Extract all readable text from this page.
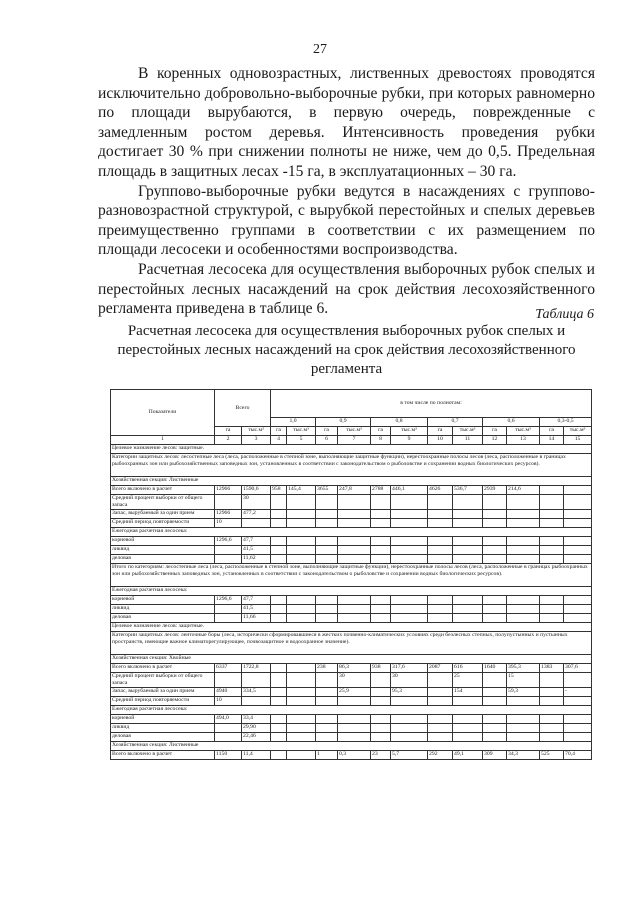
27

В коренных одновозрастных, лиственных древостоях проводятся исключительно добровольно-выборочные рубки, при которых равномерно по площади вырубаются, в первую очередь, поврежденные с замедленным ростом деревья. Интенсивность проведения рубки достигает 30 % при снижении полноты не ниже, чем до 0,5. Предельная площадь в защитных лесах -15 га, в эксплуатационных – 30 га.

Группово-выборочные рубки ведутся в насаждениях с группово-разновозрастной структурой, с вырубкой перестойных и спелых деревьев преимущественно группами в соответствии с их размещением по площади лесосеки и особенностями воспроизводства.

Расчетная лесосека для осуществления выборочных рубок спелых и перестойных лесных насаждений на срок действия лесохозяйственного регламента приведена в таблице 6.	Таблица 6
Расчетная лесосека для осуществления выборочных рубок спелых и
перестойных лесных насаждений на срок действия лесохозяйственного
регламента
Показатели	Всего		в том числе по полнотам:											
			1,0		0,9		0,8		0,7		0,6		0,3-0,5	
	га	тыс.м³	га	тыс.м³	га	тыс.м³	га	тыс.м³	га	тыс.м³	га	тыс.м³	га	тыс.м³
1	2	3	4	5	6	7	8	9	10	11	12	13	14	15
Целевое назначение лесов: защитные.														
Категории защитных лесов: лесостепные леса (леса, расположенные в степной зоне, выполняющие защитные функции), нерестоохранные полосы лесов (леса, расположенные в границах рыбоохранных зон или рыбохозяйственных заповедных зон, установленных в соответствии с законодательством о рыболовстве и сохранении водных биологических ресурсов).														
Хозяйственная секция: Лиственные														
Всего включено в расчет	12966	1590,6	958	145,4	3655	247,8	2788	446,1	4626	536,7	2939	214,6		
Средний процент выборки от общего запаса		30												
Запас, вырубаемый за один прием	12966	477,2												
Средний период повторяемости	10													
Ежегодная расчетная лесосека:														
корневой	1296,6	47,7												
ликвид		41,5												
деловая		11,62												
Итого по категориям: лесостепные леса (леса, расположенные в степной зоне, выполняющие защитные функции), нерестоохранные полосы лесов (леса, расположенные в границах рыбоохранных зон или рыбохозяйственных заповедных зон, установленных в соответствии с законодательством о рыболовстве и сохранении водных биологических ресурсов).														
Ежегодная расчетная лесосека:														
корневой	1296,6	47,7												
ликвид		41,5												
деловая		11,66												
Целевое назначение лесов: защитные.														
Категории защитных лесов: ленточные боры (леса, исторически сформировавшиеся в жестких почвенно-климатических условиях среди безлесных степных, полупустынных и пустынных пространств, имеющие важное климаторегулирующее, почвозащитное и водоохранное значение).														
Хозяйственная секция: Хвойные														
Всего включено в расчет	6337	1722,8			238	86,3	938	317,6	2087	616	1640	395,3	1383	307,6
Средний процент выборки от общего запаса						30		30		25		15		
Запас, вырубаемый за один прием	4940	334,5				25,9		95,3		154		59,3		-
Средний период повторяемости	10													
Ежегодная расчетная лесосека:														
корневой	494,0	33,4												
ликвид		29,90												
деловая		22,46												
Хозяйственная секция: Лиственные														
Всего включено в расчет	1150	11,4			1	0,3	23	5,7	292	49,1	309	34,3	525	70,4
